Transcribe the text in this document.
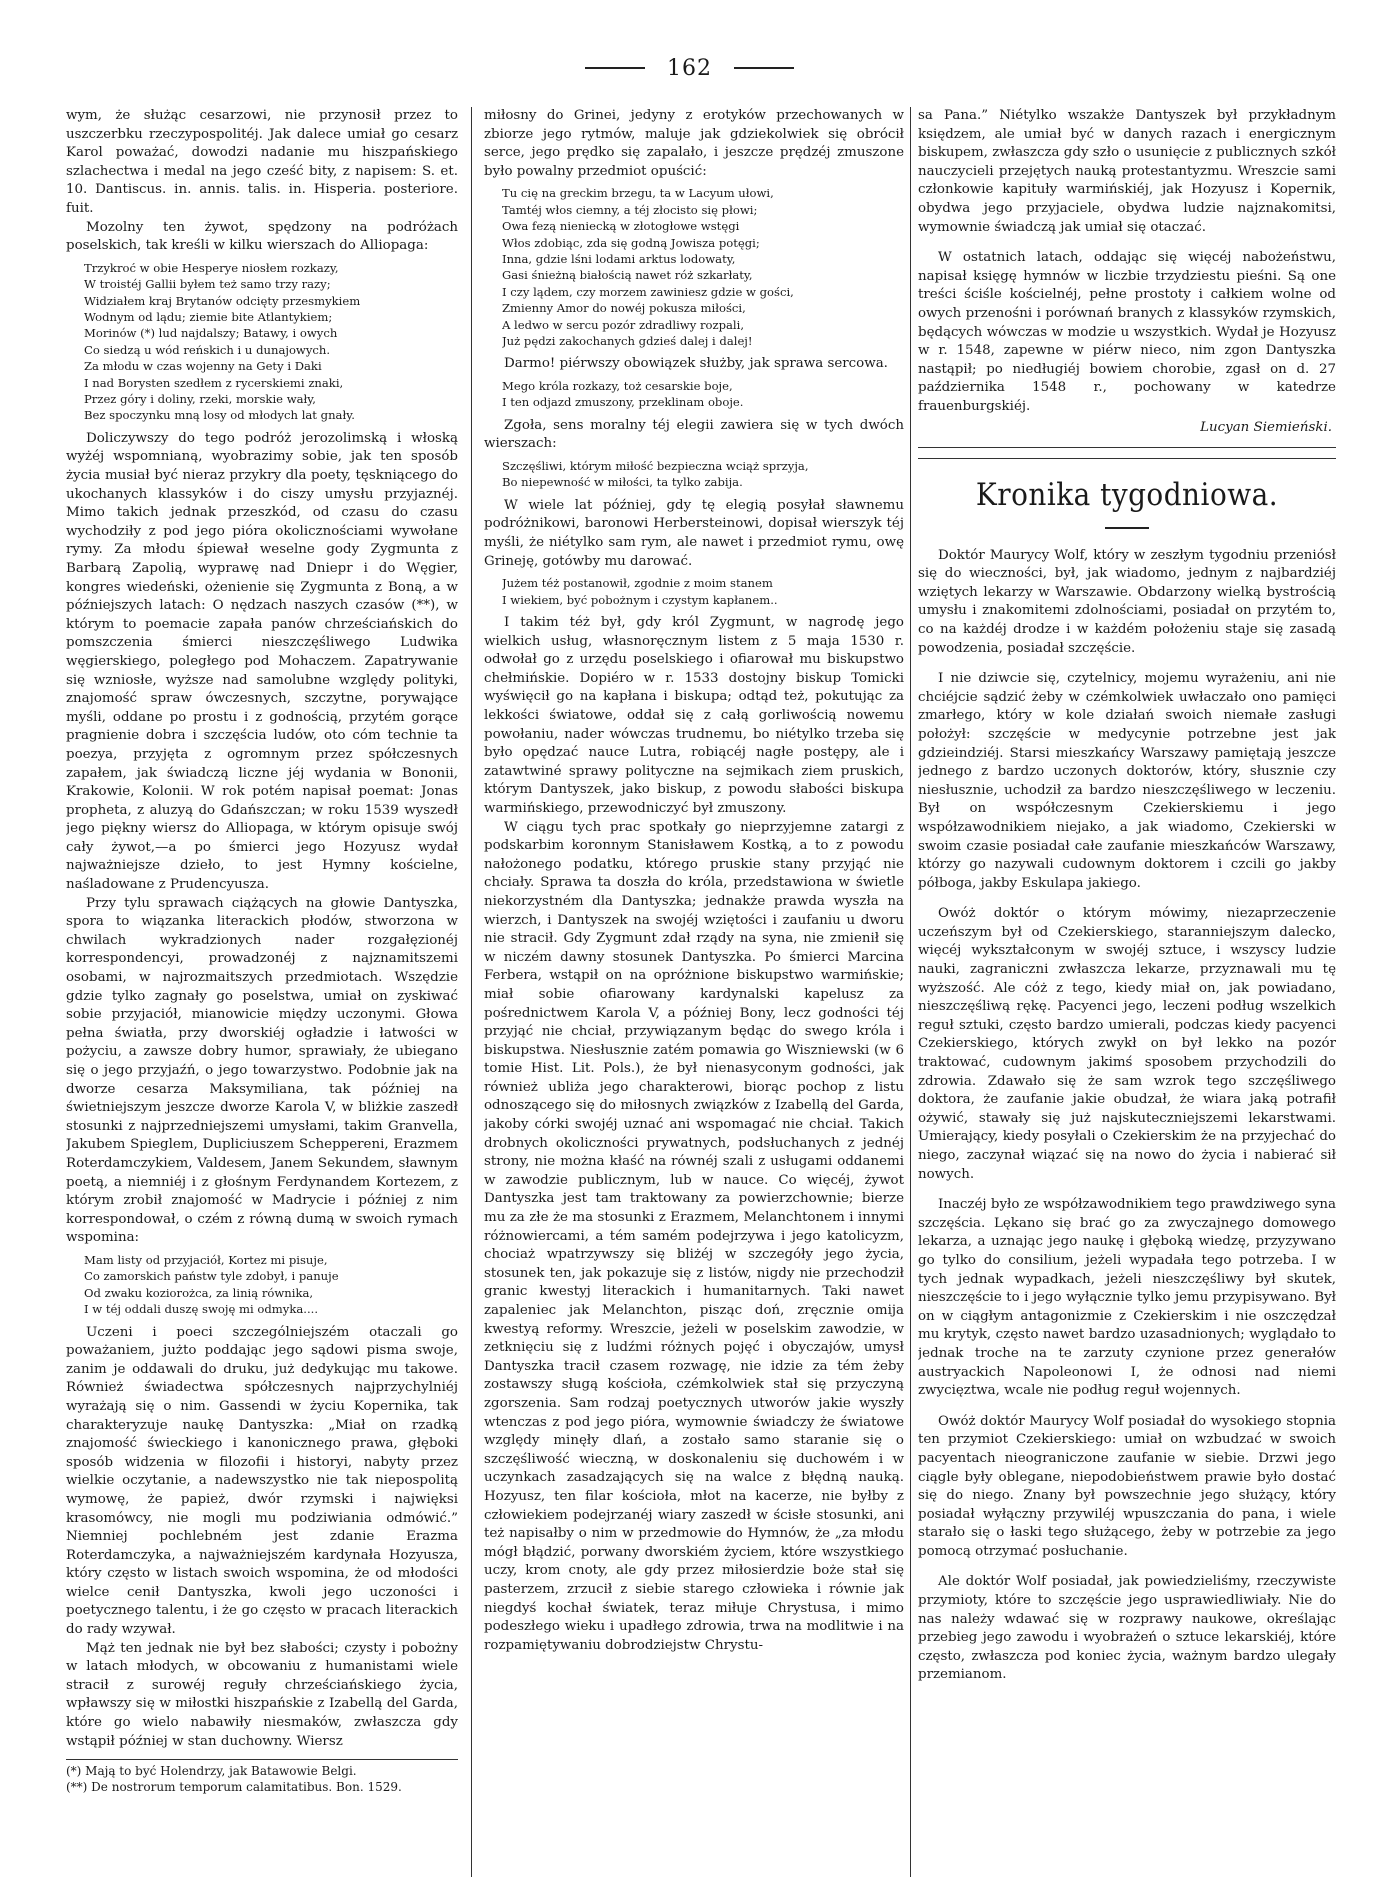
162

wym, że służąc cesarzowi, nie przynosił przez to uszczerbku rzeczypospolitéj. Jak dalece umiał go cesarz Karol poważać, dowodzi nadanie mu hiszpańskiego szlachectwa i medal na jego cześć bity, z napisem: S. et. 10. Dantiscus. in. annis. talis. in. Hisperia. posteriore. fuit.

Mozolny ten żywot, spędzony na podróżach poselskich, tak kreśli w kilku wierszach do Alliopaga:

Trzykroć w obie Hesperye niosłem rozkazy,
W troistéj Gallii byłem też samo trzy razy;
Widziałem kraj Brytanów odcięty przesmykiem
Wodnym od lądu; ziemie bite Atlantykiem;
Morinów (*) lud najdalszy; Batawy, i owych
Co siedzą u wód reńskich i u dunajowych.
Za młodu w czas wojenny na Gety i Daki
I nad Borysten szedłem z rycerskiemi znaki,
Przez góry i doliny, rzeki, morskie wały,
Bez spoczynku mną losy od młodych lat gnały.

Doliczywszy do tego podróż jerozolimską i włoską wyżéj wspomnianą, wyobrazimy sobie, jak ten sposób życia musiał być nieraz przykry dla poety, tęskniącego do ukochanych klassyków i do ciszy umysłu przyjaznéj. Mimo takich jednak przeszkód, od czasu do czasu wychodziły z pod jego pióra okolicznościami wywołane rymy. Za młodu śpiewał weselne gody Zygmunta z Barbarą Zapolią, wyprawę nad Dniepr i do Węgier, kongres wiedeński, ożenienie się Zygmunta z Boną, a w późniejszych latach: O nędzach naszych czasów (**), w którym to poemacie zapała panów chrześciańskich do pomszczenia śmierci nieszczęśliwego Ludwika węgierskiego, poległego pod Mohaczem. Zapatrywanie się wzniosłe, wyższe nad samolubne względy polityki, znajomość spraw ówczesnych, szczytne, porywające myśli, oddane po prostu i z godnością, przytém gorące pragnienie dobra i szczęścia ludów, oto cóm technie ta poezya, przyjęta z ogromnym przez spółczesnych zapałem, jak świadczą liczne jéj wydania w Bononii, Krakowie, Kolonii. W rok potém napisał poemat: Jonas propheta, z aluzyą do Gdańszczan; w roku 1539 wyszedł jego piękny wiersz do Alliopaga, w którym opisuje swój cały żywot,—a po śmierci jego Hozyusz wydał najważniejsze dzieło, to jest Hymny kościelne, naśladowane z Prudencyusza.

Przy tylu sprawach ciążących na głowie Dantyszka, spora to wiązanka literackich płodów, stworzona w chwilach wykradzionych nader rozgałęzionéj korrespondencyi, prowadzonéj z najznamitszemi osobami, w najrozmaitszych przedmiotach. Wszędzie gdzie tylko zagnały go poselstwa, umiał on zyskiwać sobie przyjaciół, mianowicie między uczonymi. Głowa pełna światła, przy dworskiéj ogładzie i łatwości w pożyciu, a zawsze dobry humor, sprawiały, że ubiegano się o jego przyjaźń, o jego towarzystwo. Podobnie jak na dworze cesarza Maksymiliana, tak później na świetniejszym jeszcze dworze Karola V, w bliżkie zaszedł stosunki z najprzedniejszemi umysłami, takim Granvella, Jakubem Spieglem, Dupliciuszem Scheppereni, Erazmem Roterdamczykiem, Valdesem, Janem Sekundem, sławnym poetą, a niemniéj i z głośnym Ferdynandem Kortezem, z którym zrobił znajomość w Madrycie i później z nim korrespondował, o czém z równą dumą w swoich rymach wspomina:

Mam listy od przyjaciół, Kortez mi pisuje,
Co zamorskich państw tyle zdobył, i panuje
Od zwaku koziorożca, za linią równika,
I w téj oddali duszę swoję mi odmyka....

Uczeni i poeci szczególniejszém otaczali go poważaniem, jużto poddając jego sądowi pisma swoje, zanim je oddawali do druku, już dedykując mu takowe. Również świadectwa spółczesnych najprzychylniéj wyrażają się o nim. Gassendi w życiu Kopernika, tak charakteryzuje naukę Dantyszka: „Miał on rzadką znajomość świeckiego i kanonicznego prawa, głęboki sposób widzenia w filozofii i historyi, nabyty przez wielkie oczytanie, a nadewszystko nie tak niepospolitą wymowę, że papież, dwór rzymski i najwięksi krasomówcy, nie mogli mu podziwiania odmówić.” Niemniej pochlebném jest zdanie Erazma Roterdamczyka, a najważniejszém kardynała Hozyusza, który często w listach swoich wspomina, że od młodości wielce cenił Dantyszka, kwoli jego uczoności i poetycznego talentu, i że go często w pracach literackich do rady wzywał.

Mąż ten jednak nie był bez słabości; czysty i pobożny w latach młodych, w obcowaniu z humanistami wiele stracił z surowéj reguły chrześciańskiego życia, wpławszy się w miłostki hiszpańskie z Izabellą del Garda, które go wielo nabawiły niesmaków, zwłaszcza gdy wstąpił później w stan duchowny. Wiersz

(*) Mają to być Holendrzy, jak Batawowie Belgi.
(**) De nostrorum temporum calamitatibus. Bon. 1529.

miłosny do Grinei, jedyny z erotyków przechowanych w zbiorze jego rytmów, maluje jak gdziekolwiek się obrócił serce, jego prędko się zapalało, i jeszcze prędzéj zmuszone było powalny przedmiot opuścić:

Tu cię na greckim brzegu, ta w Lacyum ułowi,
Tamtéj włos ciemny, a téj złocisto się płowi;
Owa fezą nieniecką w złotogłowe wstęgi
Włos zdobiąc, zda się godną Jowisza potęgi;
Inna, gdzie lśni lodami arktus lodowaty,
Gasi śnieżną białością nawet róż szkarłaty,
I czy lądem, czy morzem zawiniesz gdzie w gości,
Zmienny Amor do nowéj pokusza miłości,
A ledwo w sercu pozór zdradliwy rozpali,
Już pędzi zakochanych gdzieś dalej i dalej!

Darmo! piérwszy obowiązek służby, jak sprawa sercowa.

Mego króla rozkazy, toż cesarskie boje,
I ten odjazd zmuszony, przeklinam oboje.

Zgoła, sens moralny téj elegii zawiera się w tych dwóch wierszach:

Szczęśliwi, którym miłość bezpieczna wciąż sprzyja,
Bo niepewność w miłości, ta tylko zabija.

W wiele lat później, gdy tę elegią posyłał sławnemu podróżnikowi, baronowi Herbersteinowi, dopisał wierszyk téj myśli, że niétylko sam rym, ale nawet i przedmiot rymu, owę Grineję, gotówby mu darować.

Jużem téż postanowił, zgodnie z moim stanem
I wiekiem, być pobożnym i czystym kapłanem..

I takim téż był, gdy król Zygmunt, w nagrodę jego wielkich usług, własnoręcznym listem z 5 maja 1530 r. odwołał go z urzędu poselskiego i ofiarował mu biskupstwo chełmińskie. Dopiéro w r. 1533 dostojny biskup Tomicki wyświęcił go na kapłana i biskupa; odtąd też, pokutując za lekkości światowe, oddał się z całą gorliwością nowemu powołaniu, nader wówczas trudnemu, bo niétylko trzeba się było opędzać nauce Lutra, robiącéj nagłe postępy, ale i zatawtwiné sprawy polityczne na sejmikach ziem pruskich, którym Dantyszek, jako biskup, z powodu słabości biskupa warmińskiego, przewodniczyć był zmuszony.

W ciągu tych prac spotkały go nieprzyjemne zatargi z podskarbim koronnym Stanisławem Kostką, a to z powodu nałożonego podatku, którego pruskie stany przyjąć nie chciały. Sprawa ta doszła do króla, przedstawiona w świetle niekorzystném dla Dantyszka; jednakże prawda wyszła na wierzch, i Dantyszek na swojéj wziętości i zaufaniu u dworu nie stracił. Gdy Zygmunt zdał rządy na syna, nie zmienił się w niczém dawny stosunek Dantyszka. Po śmierci Marcina Ferbera, wstąpił on na opróżnione biskupstwo warmińskie; miał sobie ofiarowany kardynalski kapelusz za pośrednictwem Karola V, a później Bony, lecz godności téj przyjąć nie chciał, przywiązanym będąc do swego króla i biskupstwa. Niesłusznie zatém pomawia go Wiszniewski (w 6 tomie Hist. Lit. Pols.), że był nienasyconym godności, jak również ubliża jego charakterowi, biorąc pochop z listu odnoszącego się do miłosnych związków z Izabellą del Garda, jakoby córki swojéj uznać ani wspomagać nie chciał. Takich drobnych okoliczności prywatnych, podsłuchanych z jednéj strony, nie można kłaść na równéj szali z usługami oddanemi w zawodzie publicznym, lub w nauce. Co więcéj, żywot Dantyszka jest tam traktowany za powierzchownie; bierze mu za złe że ma stosunki z Erazmem, Melanchtonem i innymi różnowiercami, a tém samém podejrzywa i jego katolicyzm, chociaż wpatrzywszy się bliżéj w szczegóły jego życia, stosunek ten, jak pokazuje się z listów, nigdy nie przechodził granic kwestyj literackich i humanitarnych. Taki nawet zapaleniec jak Melanchton, pisząc doń, zręcznie omija kwestyą reformy. Wreszcie, jeżeli w poselskim zawodzie, w zetknięciu się z ludźmi różnych pojęć i obyczajów, umysł Dantyszka tracił czasem rozwagę, nie idzie za tém żeby zostawszy sługą kościoła, czémkolwiek stał się przyczyną zgorszenia. Sam rodzaj poetycznych utworów jakie wyszły wtenczas z pod jego pióra, wymownie świadczy że światowe względy minęły dlań, a zostało samo staranie się o szczęśliwość wieczną, w doskonaleniu się duchowém i w uczynkach zasadzających się na walce z błędną nauką. Hozyusz, ten filar kościoła, młot na kacerze, nie byłby z człowiekiem podejrzanéj wiary zaszedł w ścisłe stosunki, ani też napisałby o nim w przedmowie do Hymnów, że „za młodu mógł błądzić, porwany dworskiém życiem, które wszystkiego uczy, krom cnoty, ale gdy przez miłosierdzie boże stał się pasterzem, zrzucił z siebie starego człowieka i równie jak niegdyś kochał światek, teraz miłuje Chrystusa, i mimo podeszłego wieku i upadłego zdrowia, trwa na modlitwie i na rozpamiętywaniu dobrodziejstw Chrystu-

sa Pana.” Niétylko wszakże Dantyszek był przykładnym księdzem, ale umiał być w danych razach i energicznym biskupem, zwłaszcza gdy szło o usunięcie z publicznych szkół nauczycieli przejętych nauką protestantyzmu. Wreszcie sami członkowie kapituły warmińskiéj, jak Hozyusz i Kopernik, obydwa jego przyjaciele, obydwa ludzie najznakomitsi, wymownie świadczą jak umiał się otaczać.

W ostatnich latach, oddając się więcéj nabożeństwu, napisał księgę hymnów w liczbie trzydziestu pieśni. Są one treści ściśle kościelnéj, pełne prostoty i całkiem wolne od owych przenośni i porównań branych z klassyków rzymskich, będących wówczas w modzie u wszystkich. Wydał je Hozyusz w r. 1548, zapewne w piérw nieco, nim zgon Dantyszka nastąpił; po niedługiéj bowiem chorobie, zgasł on d. 27 października 1548 r., pochowany w katedrze frauenburgskiéj.

Lucyan Siemieński.
Kronika tygodniowa.

Doktór Maurycy Wolf, który w zeszłym tygodniu przeniósł się do wieczności, był, jak wiadomo, jednym z najbardziéj wziętych lekarzy w Warszawie. Obdarzony wielką bystrością umysłu i znakomitemi zdolnościami, posiadał on przytém to, co na każdéj drodze i w każdém położeniu staje się zasadą powodzenia, posiadał szczęście.

I nie dziwcie się, czytelnicy, mojemu wyrażeniu, ani nie chciéjcie sądzić żeby w czémkolwiek uwłaczało ono pamięci zmarłego, który w kole działań swoich niemałe zasługi położył: szczęście w medycynie potrzebne jest jak gdzieindziéj. Starsi mieszkańcy Warszawy pamiętają jeszcze jednego z bardzo uczonych doktorów, który, słusznie czy niesłusznie, uchodził za bardzo nieszczęśliwego w leczeniu. Był on współczesnym Czekierskiemu i jego współzawodnikiem niejako, a jak wiadomo, Czekierski w swoim czasie posiadał całe zaufanie mieszkańców Warszawy, którzy go nazywali cudownym doktorem i czcili go jakby półboga, jakby Eskulapa jakiego.

Owóż doktór o którym mówimy, niezaprzeczenie uczeńszym był od Czekierskiego, staranniejszym dalecko, więcéj wykształconym w swojéj sztuce, i wszyscy ludzie nauki, zagraniczni zwłaszcza lekarze, przyznawali mu tę wyższość. Ale cóż z tego, kiedy miał on, jak powiadano, nieszczęśliwą rękę. Pacyenci jego, leczeni podług wszelkich reguł sztuki, często bardzo umierali, podczas kiedy pacyenci Czekierskiego, których zwykł on był lekko na pozór traktować, cudownym jakimś sposobem przychodzili do zdrowia. Zdawało się że sam wzrok tego szczęśliwego doktora, że zaufanie jakie obudzał, że wiara jaką potrafił ożywić, stawały się już najskuteczniejszemi lekarstwami. Umierający, kiedy posyłali o Czekierskim że na przyjechać do niego, zaczynał wiązać się na nowo do życia i nabierać sił nowych.

Inaczéj było ze współzawodnikiem tego prawdziwego syna szczęścia. Lękano się brać go za zwyczajnego domowego lekarza, a uznając jego naukę i głęboką wiedzę, przyzywano go tylko do consilium, jeżeli wypadała tego potrzeba. I w tych jednak wypadkach, jeżeli nieszczęśliwy był skutek, nieszczęście to i jego wyłącznie tylko jemu przypisywano. Był on w ciągłym antagonizmie z Czekierskim i nie oszczędzał mu krytyk, często nawet bardzo uzasadnionych; wyglądało to jednak troche na te zarzuty czynione przez generałów austryackich Napoleonowi I, że odnosi nad niemi zwycięztwa, wcale nie podług reguł wojennych.

Owóż doktór Maurycy Wolf posiadał do wysokiego stopnia ten przymiot Czekierskiego: umiał on wzbudzać w swoich pacyentach nieograniczone zaufanie w siebie. Drzwi jego ciągle były oblegane, niepodobieństwem prawie było dostać się do niego. Znany był powszechnie jego służący, który posiadał wyłączny przywiléj wpuszczania do pana, i wiele starało się o łaski tego służącego, żeby w potrzebie za jego pomocą otrzymać posłuchanie.

Ale doktór Wolf posiadał, jak powiedzieliśmy, rzeczywiste przymioty, które to szczęście jego usprawiedliwiały. Nie do nas należy wdawać się w rozprawy naukowe, określając przebieg jego zawodu i wyobrażeń o sztuce lekarskiéj, które często, zwłaszcza pod koniec życia, ważnym bardzo ulegały przemianom.
